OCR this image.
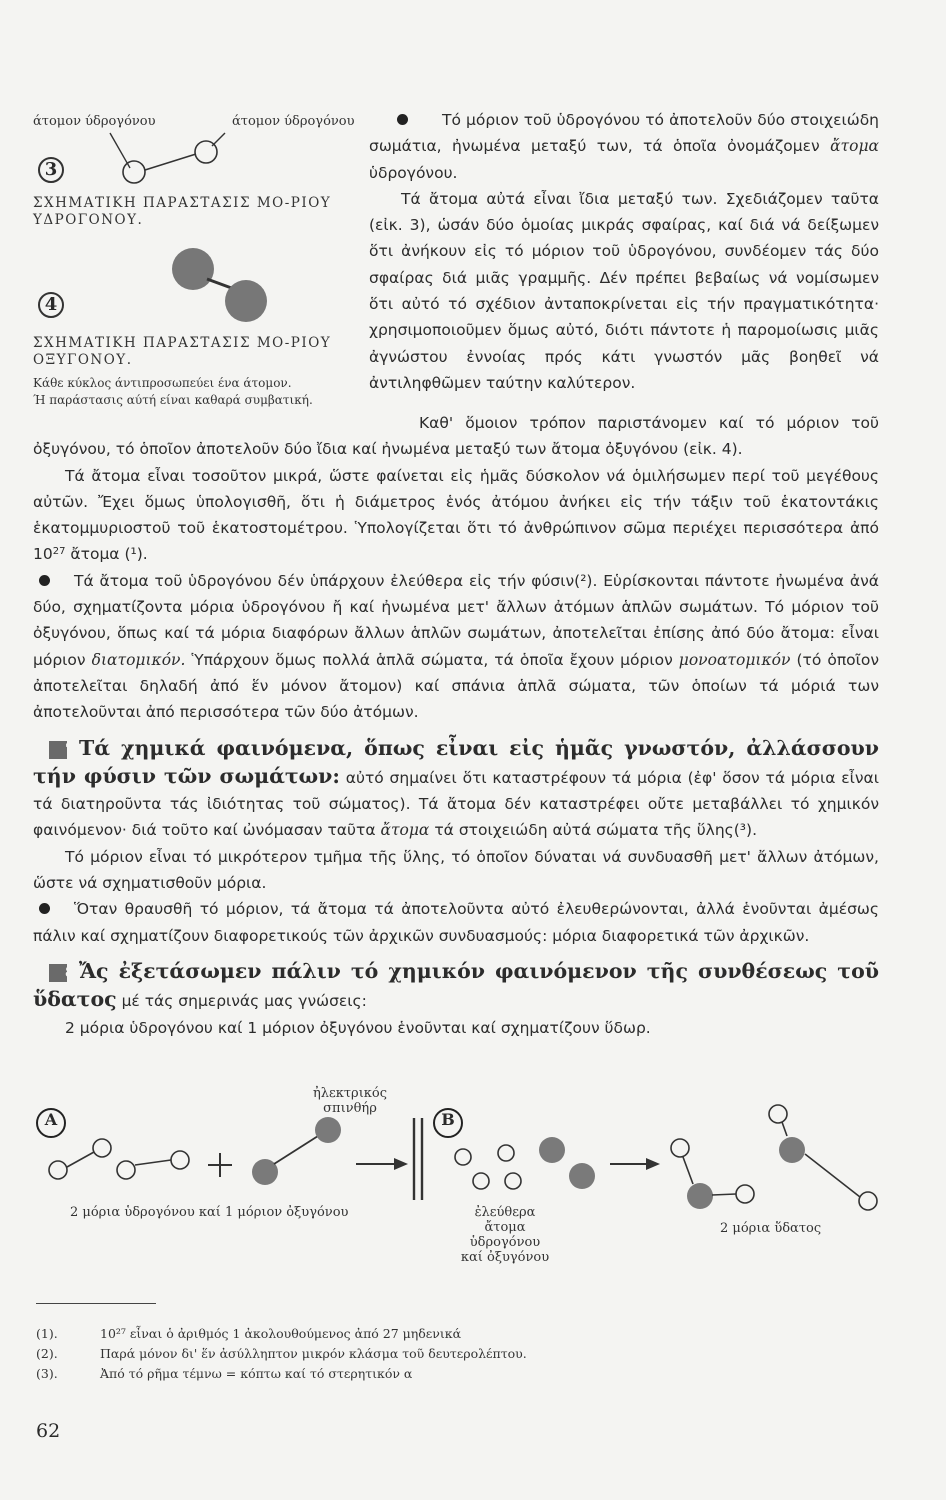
άτομον ύδρογόνου	άτομον ύδρογόνου
3
ΣΧΗΜΑΤΙΚΗ ΠΑΡΑΣΤΑΣΙΣ ΜΟ-ΡΙΟΥ ΥΔΡΟΓΟΝΟΥ.
4
ΣΧΗΜΑΤΙΚΗ ΠΑΡΑΣΤΑΣΙΣ ΜΟ-ΡΙΟΥ ΟΞΥΓΟΝΟΥ.
Κάθε κύκλος άντιπροσωπεύει ένα άτομον.
Ή παράστασις αύτή είναι καθαρά συμβατική.

Τό μόριον τοῦ ὑδρογόνου τό ἀποτελοῦν δύο στοιχειώδη σωμάτια, ἠνωμένα μεταξύ των, τά ὁποῖα ὀνομάζομεν ἄτομα ὑδρογόνου.

Τά ἄτομα αὐτά εἶναι ἴδια μεταξύ των. Σχεδιάζομεν ταῦτα (εἰκ. 3), ὡσάν δύο ὁμοίας μικράς σφαίρας, καί διά νά δείξωμεν ὅτι ἀνήκουν εἰς τό μόριον τοῦ ὑδρογόνου, συνδέομεν τάς δύο σφαίρας διά μιᾶς γραμμῆς. Δέν πρέπει βεβαίως νά νομίσωμεν ὅτι αὐτό τό σχέδιον ἀνταποκρίνεται εἰς τήν πραγματικότητα· χρησιμοποιοῦμεν ὅμως αὐτό, διότι πάντοτε ἡ παρομοίωσις μιᾶς ἀγνώστου ἐννοίας πρός κάτι γνωστόν μᾶς βοηθεῖ νά ἀντιληφθῶμεν ταύτην καλύτερον.

Καθ' ὅμοιον τρόπον παριστάνομεν καί τό μόριον τοῦ ὀξυγόνου, τό ὁποῖον ἀποτελοῦν δύο ἴδια καί ἠνωμένα μεταξύ των ἄτομα ὀξυγόνου (εἰκ. 4).

Τά ἄτομα εἶναι τοσοῦτον μικρά, ὥστε φαίνεται εἰς ἡμᾶς δύσκολον νά ὁμιλήσωμεν περί τοῦ μεγέθους αὐτῶν. Ἔχει ὅμως ὑπολογισθῆ, ὅτι ἡ διάμετρος ἑνός ἀτόμου ἀνήκει εἰς τήν τάξιν τοῦ ἑκατοντάκις ἑκατομμυριοστοῦ τοῦ ἑκατοστομέτρου. Ὑπολογίζεται ὅτι τό ἀνθρώπινον σῶμα περιέχει περισσότερα ἀπό $10^{27}$ ἄτομα (¹).

Τά ἄτομα τοῦ ὑδρογόνου δέν ὑπάρχουν ἐλεύθερα εἰς τήν φύσιν(²). Εὑρίσκονται πάντοτε ἠνωμένα ἀνά δύο, σχηματίζοντα μόρια ὑδρογόνου ἤ καί ἠνωμένα μετ' ἄλλων ἀτόμων ἁπλῶν σωμάτων. Τό μόριον τοῦ ὀξυγόνου, ὅπως καί τά μόρια διαφόρων ἄλλων ἁπλῶν σωμάτων, ἀποτελεῖται ἐπίσης ἀπό δύο ἄτομα: εἶναι μόριον διατομικόν. Ὑπάρχουν ὅμως πολλά ἁπλᾶ σώματα, τά ὁποῖα ἔχουν μόριον μονοατομικόν (τό ὁποῖον ἀποτελεῖται δηλαδή ἀπό ἕν μόνον ἄτομον) καί σπάνια ἁπλᾶ σώματα, τῶν ὁποίων τά μόριά των ἀποτελοῦνται ἀπό περισσότερα τῶν δύο ἀτόμων.

7 Τά χημικά φαινόμενα, ὅπως εἶναι εἰς ἡμᾶς γνωστόν, ἀλλάσσουν τήν φύσιν τῶν σωμάτων: αὐτό σημαίνει ὅτι καταστρέφουν τά μόρια (ἐφ' ὅσον τά μόρια εἶναι τά διατηροῦντα τάς ἰδιότητας τοῦ σώματος). Τά ἄτομα δέν καταστρέφει οὔτε μεταβάλλει τό χημικόν φαινόμενον· διά τοῦτο καί ὠνόμασαν ταῦτα ἄτομα τά στοιχειώδη αὐτά σώματα τῆς ὕλης(³).

Τό μόριον εἶναι τό μικρότερον τμῆμα τῆς ὕλης, τό ὁποῖον δύναται νά συνδυασθῆ μετ' ἄλλων ἀτόμων, ὥστε νά σχηματισθοῦν μόρια.

Ὅταν θραυσθῆ τό μόριον, τά ἄτομα τά ἀποτελοῦντα αὐτό ἐλευθερώνονται, ἀλλά ἑνοῦνται ἀμέσως πάλιν καί σχηματίζουν διαφορετικούς τῶν ἀρχικῶν συνδυασμούς: μόρια διαφορετικά τῶν ἀρχικῶν.

8 Ἄς ἐξετάσωμεν πάλιν τό χημικόν φαινόμενον τῆς συνθέσεως τοῦ ὕδατος μέ τάς σημερινάς μας γνώσεις:

2 μόρια ὑδρογόνου καί 1 μόριον ὀξυγόνου ἑνοῦνται καί σχηματίζουν ὕδωρ.

A	B
ἠλεκτρικός
σπινθήρ
2 μόρια ὑδρογόνου καί 1 μόριον ὀξυγόνου	ἐλεύθερα
ἄτομα
ὑδρογόνου
καί ὀξυγόνου
2 μόρια ὕδατος
(1).	10²⁷ εἶναι ὁ ἀριθμός 1 ἀκολουθούμενος ἀπό 27 μηδενικά
(2).	Παρά μόνον δι' ἕν ἀσύλληπτον μικρόν κλάσμα τοῦ δευτερολέπτου.
(3).	Ἀπό τό ρῆμα τέμνω = κόπτω καί τό στερητικόν α
62
